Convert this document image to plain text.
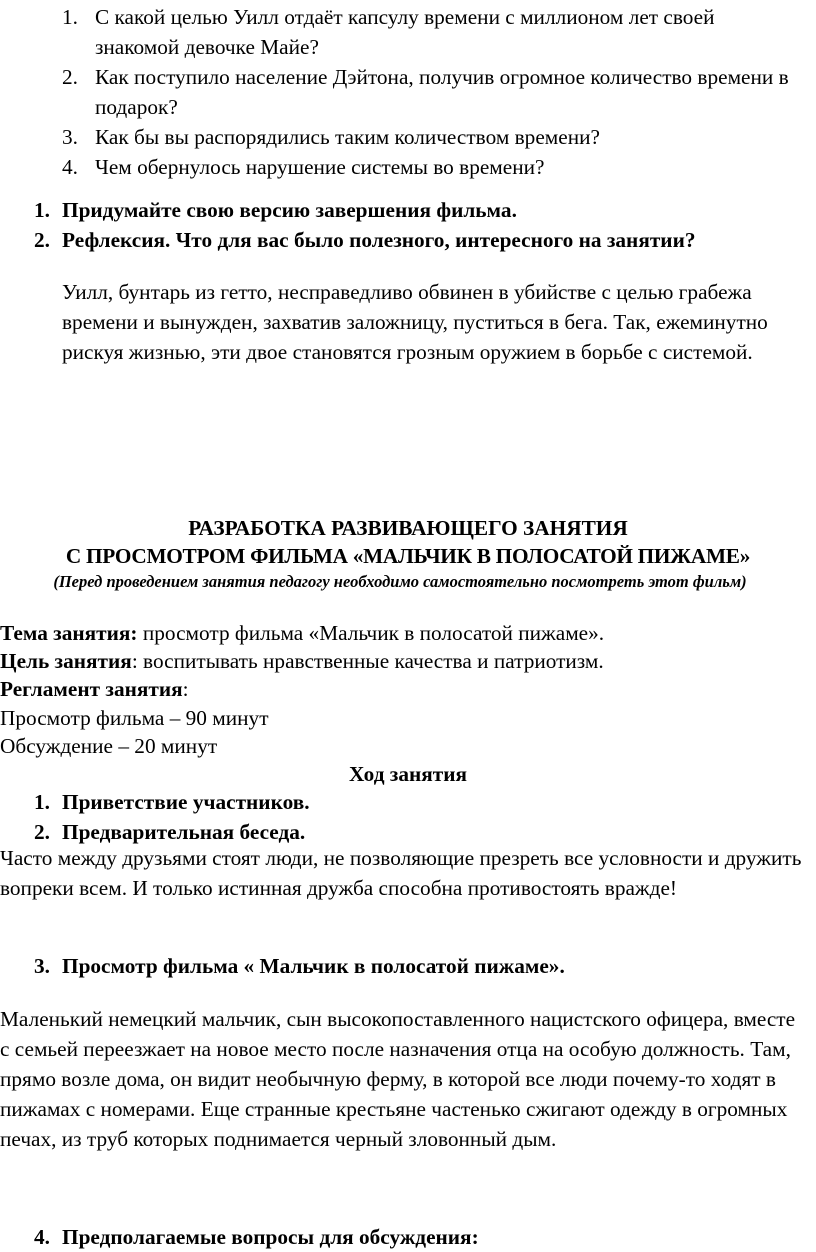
1. С какой целью Уилл отдаёт капсулу времени с миллионом лет своей знакомой девочке Майе?
2. Как поступило население Дэйтона, получив огромное количество времени в подарок?
3. Как бы вы распорядились таким количеством времени?
4. Чем обернулось нарушение системы во времени?
1. Придумайте свою версию завершения фильма.
2. Рефлексия. Что для вас было полезного, интересного на занятии?

Уилл, бунтарь из гетто, несправедливо обвинен в убийстве с целью грабежа времени и вынужден, захватив заложницу, пуститься в бега. Так, ежеминутно рискуя жизнью, эти двое становятся грозным оружием в борьбе с системой.

РАЗРАБОТКА РАЗВИВАЮЩЕГО ЗАНЯТИЯ

С ПРОСМОТРОМ ФИЛЬМА «МАЛЬЧИК В ПОЛОСАТОЙ ПИЖАМЕ»

(Перед проведением занятия педагогу необходимо самостоятельно посмотреть этот фильм)

Тема занятия: просмотр фильма «Мальчик в полосатой пижаме».

Цель занятия: воспитывать нравственные качества и патриотизм.

Регламент занятия:

Просмотр фильма – 90 минут

Обсуждение – 20 минут

Ход занятия

1. Приветствие участников.
2. Предварительная беседа.

Часто между друзьями стоят люди, не позволяющие презреть все условности и дружить вопреки всем. И только истинная дружба способна противостоять вражде!

3. Просмотр фильма « Мальчик в полосатой пижаме».

Маленький немецкий мальчик, сын высокопоставленного нацистского офицера, вместе с семьей переезжает на новое место после назначения отца на особую должность. Там, прямо возле дома, он видит необычную ферму, в которой все люди почему-то ходят в пижамах с номерами. Еще странные крестьяне частенько сжигают одежду в огромных печах, из труб которых поднимается черный зловонный дым.

4. Предполагаемые вопросы для обсуждения:
